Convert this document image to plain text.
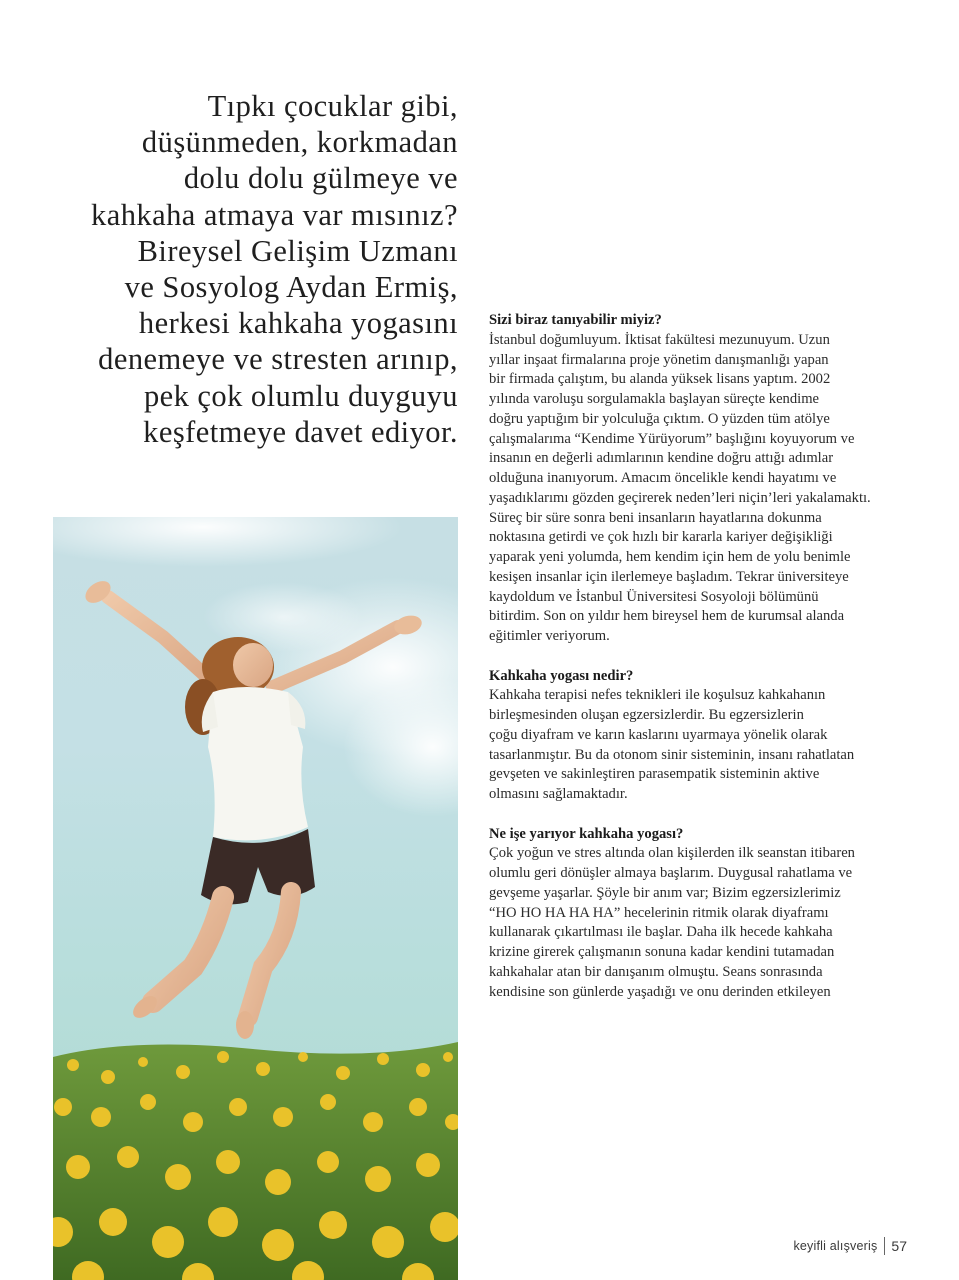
Tıpkı çocuklar gibi,
düşünmeden, korkmadan
dolu dolu gülmeye ve
kahkaha atmaya var mısınız?
Bireysel Gelişim Uzmanı
ve Sosyolog Aydan Ermiş,
herkesi kahkaha yogasını
denemeye ve stresten arınıp,
pek çok olumlu duyguyu
keşfetmeye davet ediyor.
Sizi biraz tanıyabilir miyiz?
İstanbul doğumluyum. İktisat fakültesi mezunuyum. Uzun
yıllar inşaat firmalarına proje yönetim danışmanlığı yapan
bir firmada çalıştım, bu alanda yüksek lisans yaptım. 2002
yılında varoluşu sorgulamakla başlayan süreçte kendime
doğru yaptığım bir yolculuğa çıktım. O yüzden tüm atölye
çalışmalarıma “Kendime Yürüyorum” başlığını koyuyorum ve
insanın en değerli adımlarının kendine doğru attığı adımlar
olduğuna inanıyorum. Amacım öncelikle kendi hayatımı ve
yaşadıklarımı gözden geçirerek neden’leri niçin’leri yakalamaktı.
Süreç bir süre sonra beni insanların hayatlarına dokunma
noktasına getirdi ve çok hızlı bir kararla kariyer değişikliği
yaparak yeni yolumda, hem kendim için hem de yolu benimle
kesişen insanlar için ilerlemeye başladım. Tekrar üniversiteye
kaydoldum ve İstanbul Üniversitesi Sosyoloji bölümünü
bitirdim. Son on yıldır hem bireysel hem de kurumsal alanda
eğitimler veriyorum.
Kahkaha yogası nedir?
Kahkaha terapisi nefes teknikleri ile koşulsuz kahkahanın
birleşmesinden oluşan egzersizlerdir. Bu egzersizlerin
çoğu diyafram ve karın kaslarını uyarmaya yönelik olarak
tasarlanmıştır. Bu da otonom sinir sisteminin, insanı rahatlatan
gevşeten ve sakinleştiren parasempatik sisteminin aktive
olmasını sağlamaktadır.
Ne işe yarıyor kahkaha yogası?
Çok yoğun ve stres altında olan kişilerden ilk seanstan itibaren
olumlu geri dönüşler almaya başlarım. Duygusal rahatlama ve
gevşeme yaşarlar. Şöyle bir anım var; Bizim egzersizlerimiz
“HO HO HA HA HA” hecelerinin ritmik olarak diyaframı
kullanarak çıkartılması ile başlar. Daha ilk hecede kahkaha
krizine girerek çalışmanın sonuna kadar kendini tutamadan
kahkahalar atan bir danışanım olmuştu. Seans sonrasında
kendisine son günlerde yaşadığı ve onu derinden etkileyen
keyifli alışveriş 57
